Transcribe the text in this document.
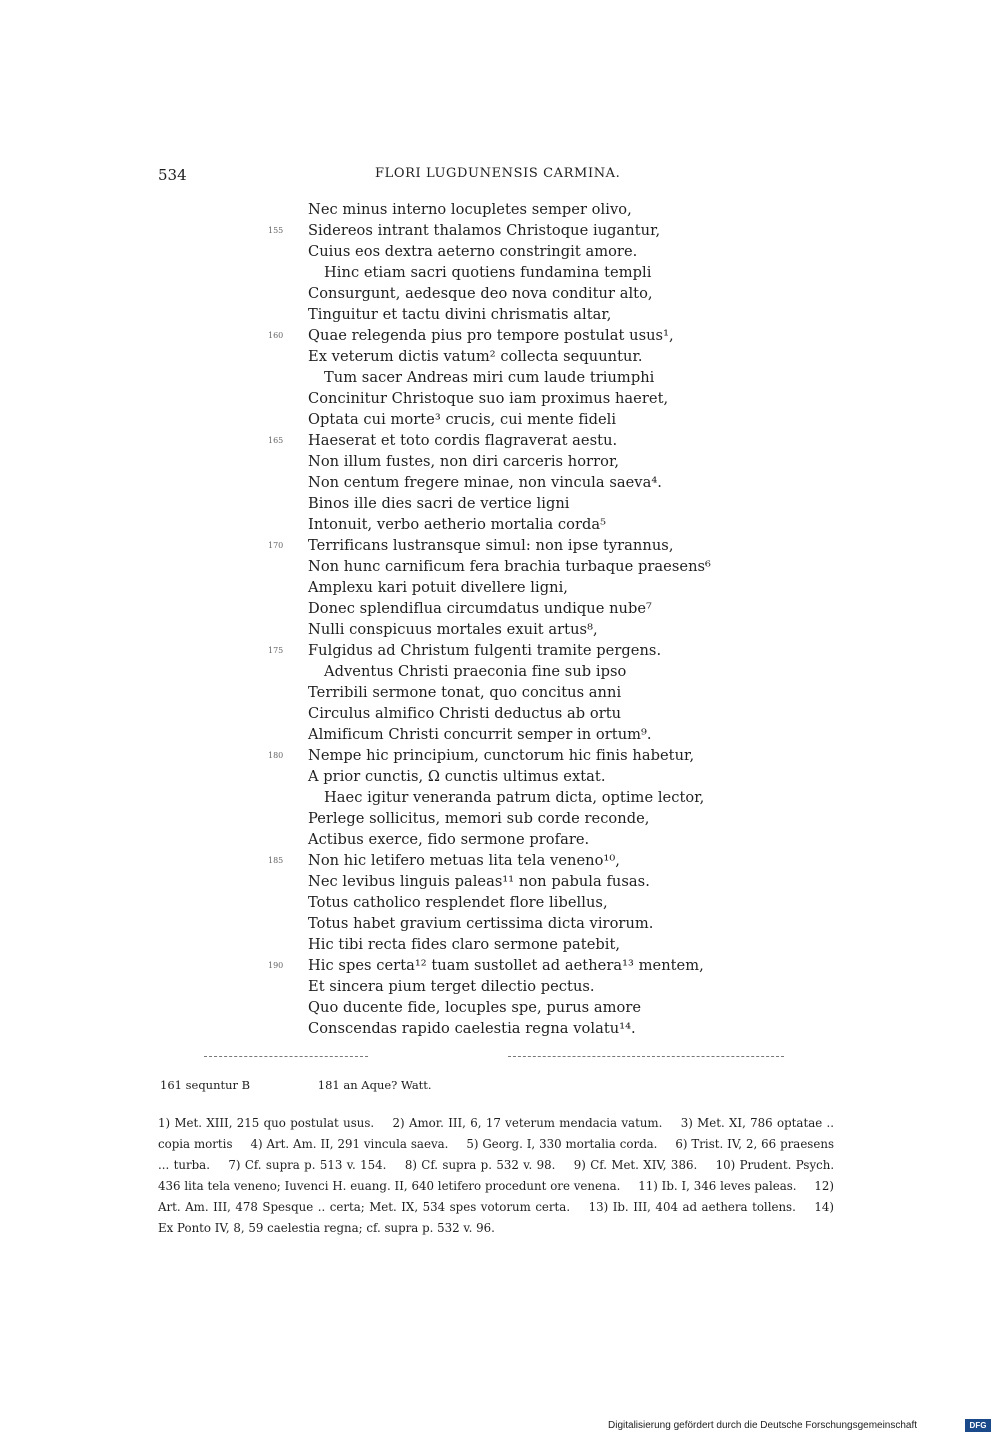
534	FLORI LUGDUNENSIS CARMINA.
Nec minus interno locupletes semper olivo,
155 Sidereos intrant thalamos Christoque iugantur,
Cuius eos dextra aeterno constringit amore.
Hinc etiam sacri quotiens fundamina templi
Consurgunt, aedesque deo nova conditur alto,
Tinguitur et tactu divini chrismatis altar,
160 Quae relegenda pius pro tempore postulat usus¹,
Ex veterum dictis vatum² collecta sequuntur.
Tum sacer Andreas miri cum laude triumphi
Concinitur Christoque suo iam proximus haeret,
Optata cui morte³ crucis, cui mente fideli
165 Haeserat et toto cordis flagraverat aestu.
Non illum fustes, non diri carceris horror,
Non centum fregere minae, non vincula saeva⁴.
Binos ille dies sacri de vertice ligni
Intonuit, verbo aetherio mortalia corda⁵
170 Terrificans lustransque simul: non ipse tyrannus,
Non hunc carnificum fera brachia turbaque praesens⁶
Amplexu kari potuit divellere ligni,
Donec splendiflua circumdatus undique nube⁷
Nulli conspicuus mortales exuit artus⁸,
175 Fulgidus ad Christum fulgenti tramite pergens.
Adventus Christi praeconia fine sub ipso
Terribili sermone tonat, quo concitus anni
Circulus almifico Christi deductus ab ortu
Almificum Christi concurrit semper in ortum⁹.
180 Nempe hic principium, cunctorum hic finis habetur,
A prior cunctis, Ω cunctis ultimus extat.
Haec igitur veneranda patrum dicta, optime lector,
Perlege sollicitus, memori sub corde reconde,
Actibus exerce, fido sermone profare.
185 Non hic letifero metuas lita tela veneno¹⁰,
Nec levibus linguis paleas¹¹ non pabula fusas.
Totus catholico resplendet flore libellus,
Totus habet gravium certissima dicta virorum.
Hic tibi recta fides claro sermone patebit,
190 Hic spes certa¹² tuam sustollet ad aethera¹³ mentem,
Et sincera pium terget dilectio pectus.
Quo ducente fide, locuples spe, purus amore
Conscendas rapido caelestia regna volatu¹⁴.
161 sequntur B	181 an Aque? Watt.
1) Met. XIII, 215 quo postulat usus. 2) Amor. III, 6, 17 veterum mendacia vatum. 3) Met. XI, 786 optatae .. copia mortis 4) Art. Am. II, 291 vincula saeva. 5) Georg. I, 330 mortalia corda. 6) Trist. IV, 2, 66 praesens ... turba. 7) Cf. supra p. 513 v. 154. 8) Cf. supra p. 532 v. 98. 9) Cf. Met. XIV, 386. 10) Prudent. Psych. 436 lita tela veneno; Iuvenci H. euang. II, 640 letifero procedunt ore venena. 11) Ib. I, 346 leves paleas. 12) Art. Am. III, 478 Spesque .. certa; Met. IX, 534 spes votorum certa. 13) Ib. III, 404 ad aethera tollens. 14) Ex Ponto IV, 8, 59 caelestia regna; cf. supra p. 532 v. 96.
Digitalisierung gefördert durch die Deutsche Forschungsgemeinschaft	DFG
